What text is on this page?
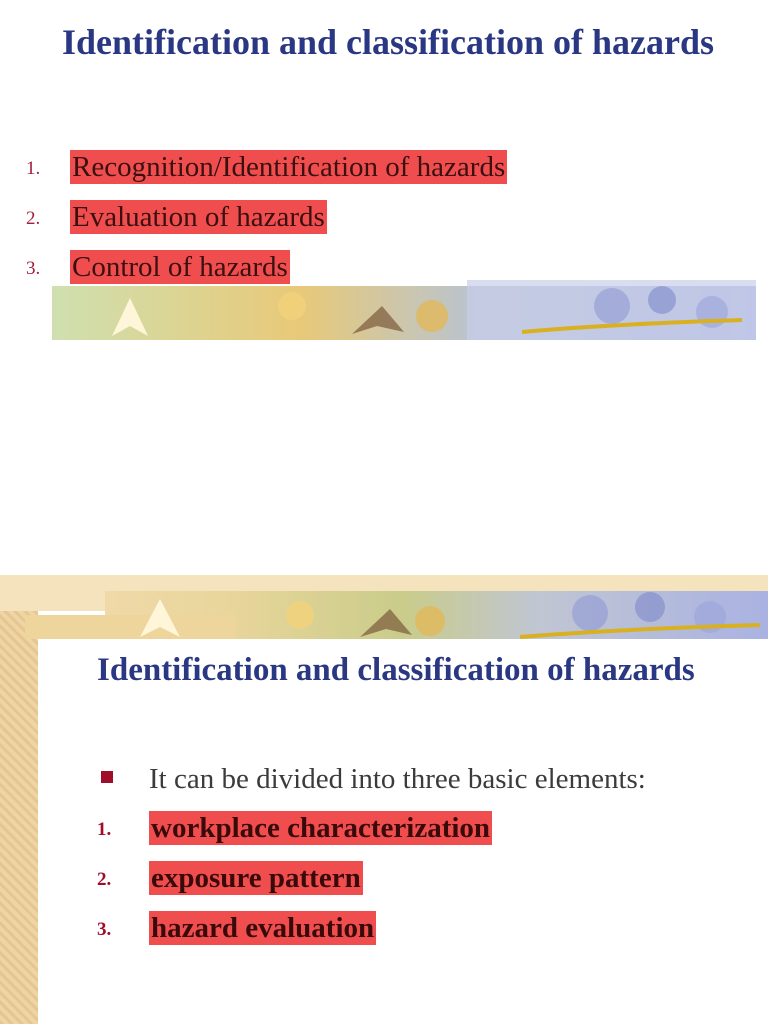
Identification and classification of hazards
1.	Recognition/Identification of hazards
2.	Evaluation of hazards
3.	Control of hazards
Identification and classification of hazards
It can be divided into three basic elements:
1.	workplace characterization
2.	exposure pattern
3.	hazard evaluation
